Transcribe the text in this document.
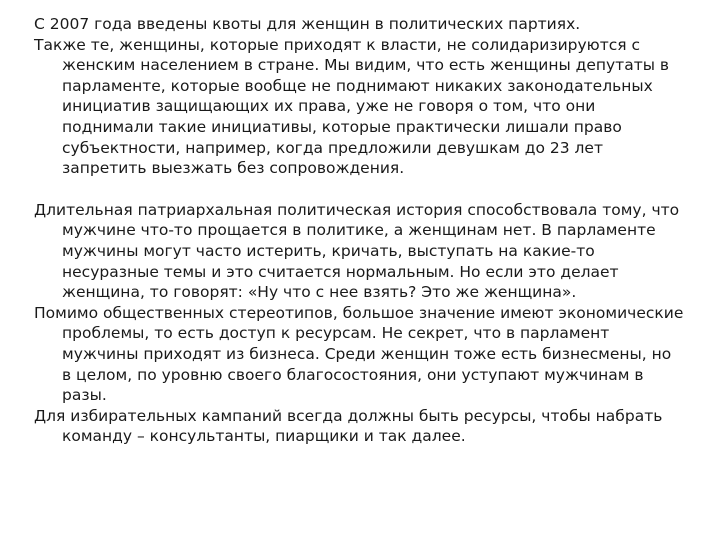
С 2007 года введены квоты для женщин в политических партиях.

Также те, женщины, которые приходят к власти, не солидаризируются с женским населением в стране. Мы видим, что есть женщины депутаты в парламенте, которые вообще не поднимают никаких законодательных инициатив защищающих их права, уже не говоря о том, что они поднимали такие инициативы, которые практически лишали право субъектности, например, когда предложили девушкам до 23 лет запретить выезжать без сопровождения.

Длительная патриархальная политическая история способствовала тому, что мужчине что-то прощается в политике, а женщинам нет. В парламенте мужчины могут часто истерить, кричать, выступать на какие-то несуразные темы и это считается нормальным. Но если это делает женщина, то говорят: «Ну что с нее взять? Это же женщина».

Помимо общественных стереотипов, большое значение имеют экономические проблемы, то есть доступ к ресурсам. Не секрет, что в парламент мужчины приходят из бизнеса. Среди женщин тоже есть бизнесмены, но в целом, по уровню своего благосостояния, они уступают мужчинам в разы.

Для избирательных кампаний всегда должны быть ресурсы, чтобы набрать команду – консультанты, пиарщики и так далее.
